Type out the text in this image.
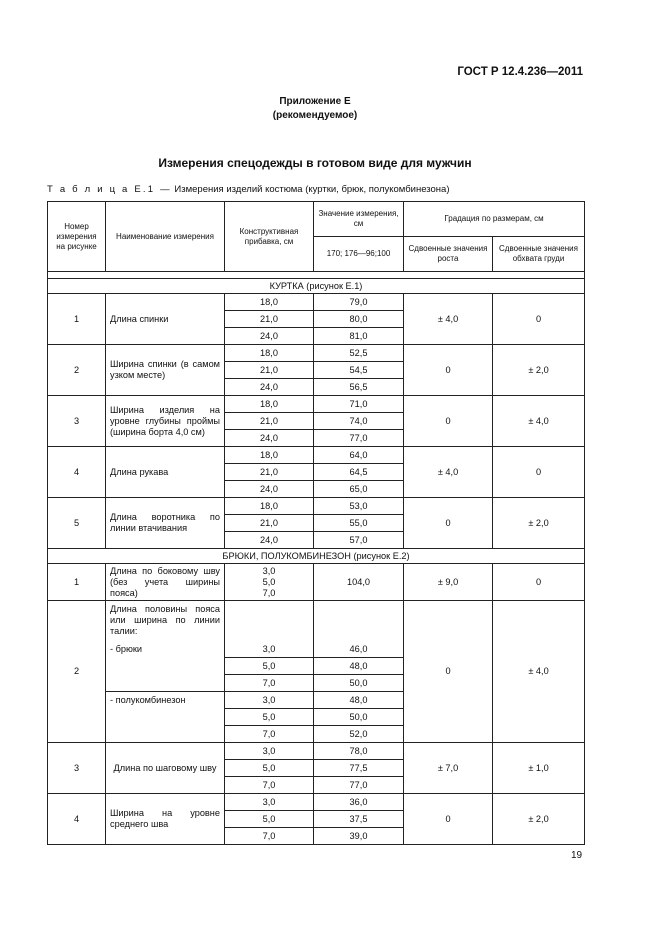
ГОСТ Р 12.4.236—2011
Приложение Е
(рекомендуемое)
Измерения спецодежды в готовом виде для мужчин
Т а б л и ц а Е.1 — Измерения изделий костюма (куртки, брюк, полукомбинезона)
Номер измерения на рисунке	Наименование измерения	Конструктивная прибавка, см	Значение измерения, см	Градация по размерам, см	
			170; 176—96;100	Сдвоенные значения роста	Сдвоенные значения обхвата груди

КУРТКА (рисунок Е.1)					
1	Длина спинки	18,0	79,0	± 4,0	0
		21,0	80,0		
		24,0	81,0		
2	Ширина спинки (в самом узком месте)	18,0	52,5	0	± 2,0
		21,0	54,5		
		24,0	56,5		
3	Ширина изделия на уровне глубины проймы (ширина борта 4,0 см)	18,0	71,0	0	± 4,0
		21,0	74,0		
		24,0	77,0		
4	Длина рукава	18,0	64,0	± 4,0	0
		21,0	64,5		
		24,0	65,0		
5	Длина воротника по линии втачивания	18,0	53,0	0	± 2,0
		21,0	55,0		
		24,0	57,0		
БРЮКИ, ПОЛУКОМБИНЕЗОН (рисунок Е.2)					
1	Длина по боковому шву (без учета ширины пояса)	3,0
5,0
7,0	104,0	± 9,0	0
2	Длина половины пояса или ширина по линии талии:			0	± 4,0
	- брюки	3,0	46,0		
		5,0	48,0		
		7,0	50,0		
	- полукомбинезон	3,0	48,0		
		5,0	50,0		
		7,0	52,0		
3	Длина по шаговому шву	3,0	78,0	± 7,0	± 1,0
		5,0	77,5		
		7,0	77,0		
4	Ширина на уровне среднего шва	3,0	36,0	0	± 2,0
		5,0	37,5		
		7,0	39,0		
19
